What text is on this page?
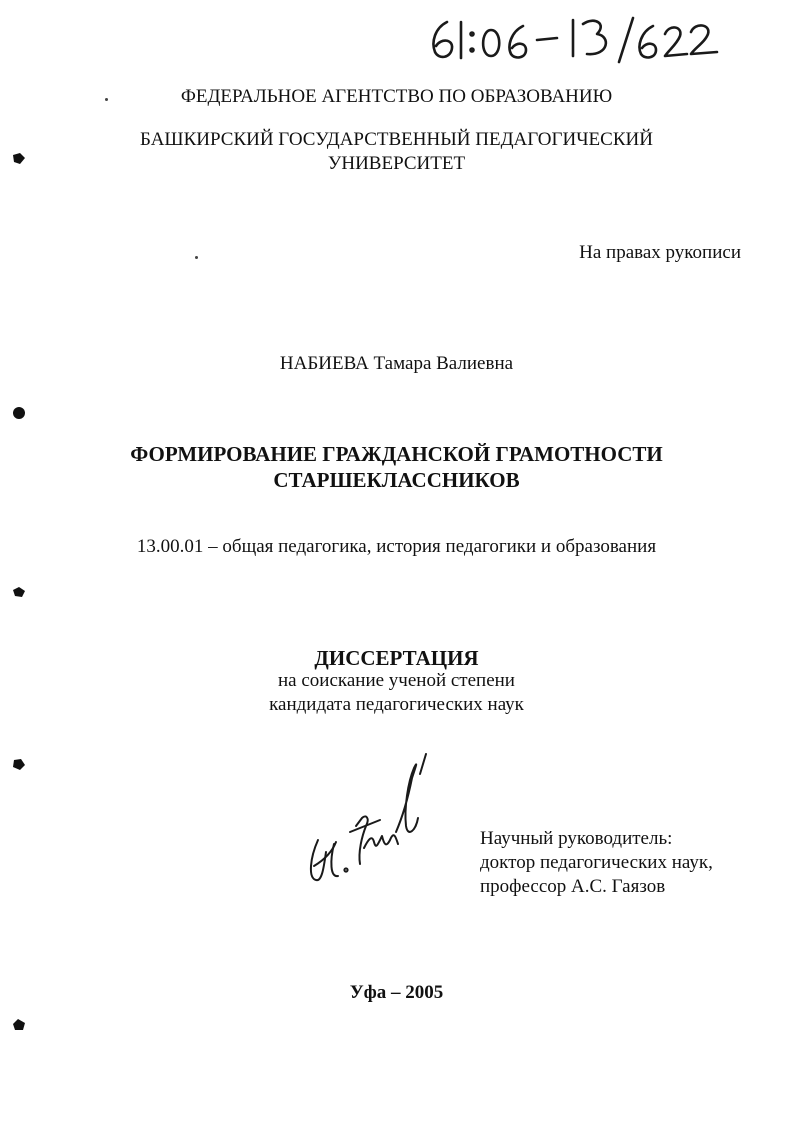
ФЕДЕРАЛЬНОЕ АГЕНТСТВО ПО ОБРАЗОВАНИЮ
БАШКИРСКИЙ ГОСУДАРСТВЕННЫЙ ПЕДАГОГИЧЕСКИЙ
УНИВЕРСИТЕТ
На правах рукописи
НАБИЕВА Тамара Валиевна
ФОРМИРОВАНИЕ ГРАЖДАНСКОЙ ГРАМОТНОСТИ
СТАРШЕКЛАССНИКОВ
13.00.01 – общая педагогика, история педагогики и образования
ДИССЕРТАЦИЯ
на соискание ученой степени
кандидата педагогических наук
Научный руководитель:
доктор педагогических наук,
профессор А.С. Гаязов
Уфа – 2005
